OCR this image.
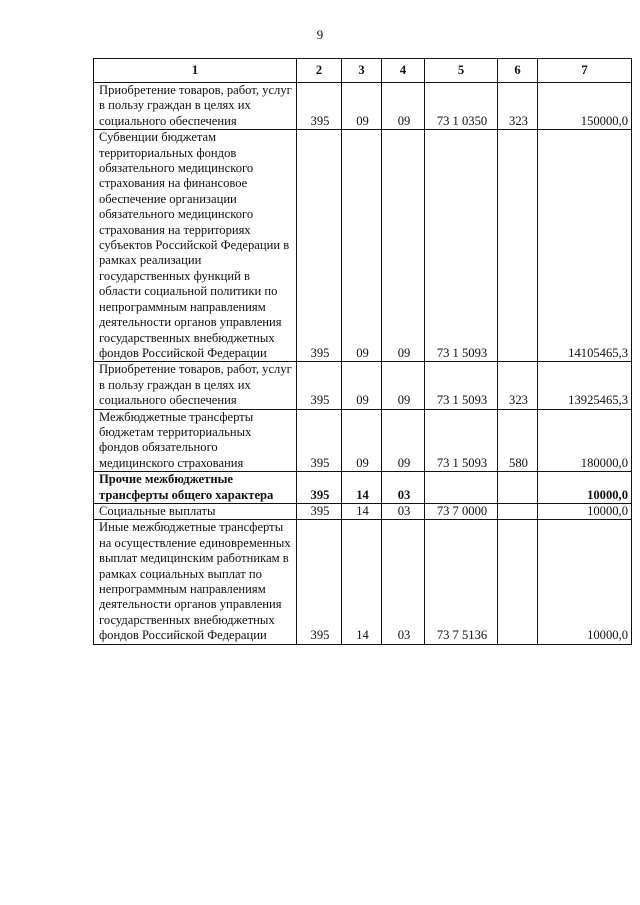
9
1	2	3	4	5	6	7
Приобретение товаров, работ, услуг в пользу граждан в целях их социального обеспечения	395	09	09	73 1 0350	323	150000,0
Субвенции бюджетам территориальных фондов обязательного медицинского страхования на финансовое обеспечение организации обязательного медицинского страхования на территориях субъектов Российской Федерации в рамках реализации государственных функций в области социальной политики по непрограммным направлениям деятельности органов управления государственных внебюджетных фондов Российской Федерации	395	09	09	73 1 5093		14105465,3
Приобретение товаров, работ, услуг в пользу граждан в целях их социального обеспечения	395	09	09	73 1 5093	323	13925465,3
Межбюджетные трансферты бюджетам территориальных фондов обязательного медицинского страхования	395	09	09	73 1 5093	580	180000,0
Прочие межбюджетные трансферты общего характера	395	14	03			10000,0
Социальные выплаты	395	14	03	73 7 0000		10000,0
Иные межбюджетные трансферты на осуществление единовременных выплат медицинским работникам в рамках социальных выплат по непрограммным направлениям деятельности органов управления государственных внебюджетных фондов Российской Федерации	395	14	03	73 7 5136		10000,0
